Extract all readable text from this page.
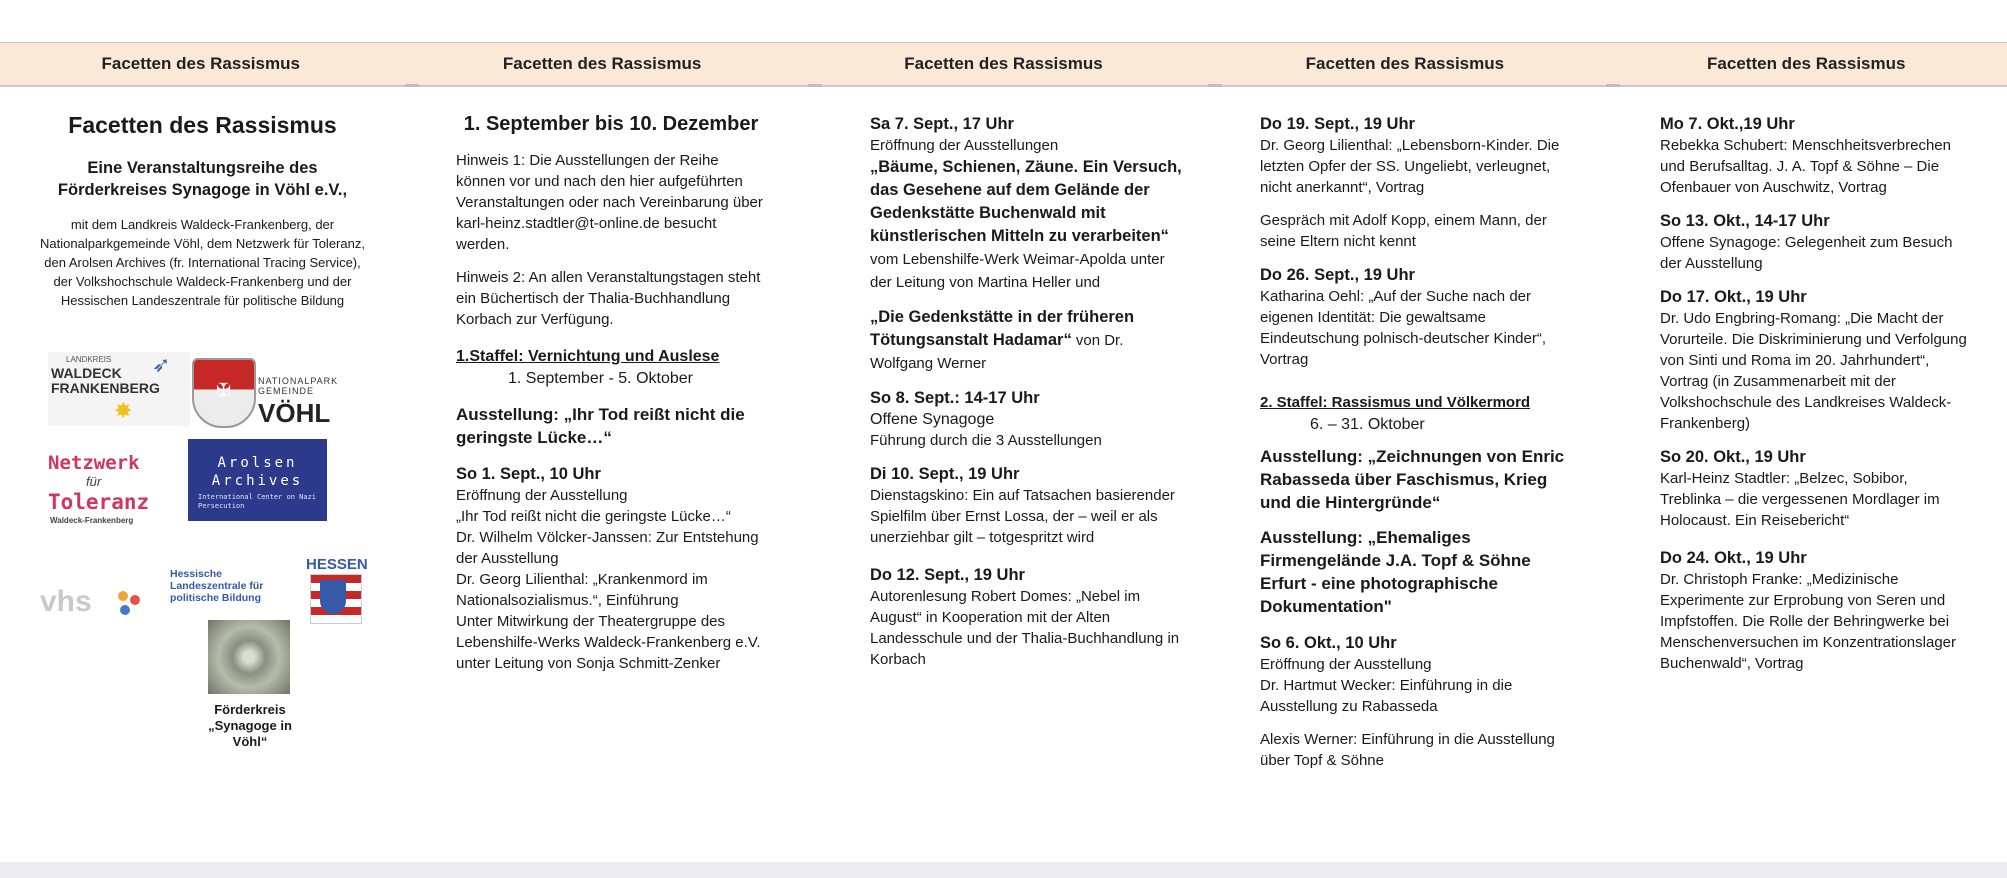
Facetten des Rassismus	Facetten des Rassismus	Facetten des Rassismus	Facetten des Rassismus	Facetten des Rassismus
Facetten des Rassismus
Eine Veranstaltungsreihe des Förderkreises Synagoge in Vöhl e.V.,
mit dem Landkreis Waldeck-Frankenberg, der Nationalparkgemeinde Vöhl, dem Netzwerk für Toleranz, den Arolsen Archives (fr. International Tracing Service), der Volkshochschule Waldeck-Frankenberg und der Hessischen Landeszentrale für politische Bildung
LANDKREIS
WALDECK FRANKENBERG
✸
➶
✠	NATIONALPARK
GEMEINDE
VÖHL
Netzwerk
für
Toleranz
Waldeck-Frankenberg
Arolsen
Archives
International Center on Nazi Persecution
vhs
Hessische Landeszentrale für politische Bildung
HESSEN
Förderkreis „Synagoge in Vöhl“
1. September bis 10. Dezember

Hinweis 1: Die Ausstellungen der Reihe können vor und nach den hier aufgeführten Veranstaltungen oder nach Vereinbarung über karl-heinz.stadtler@t-online.de besucht werden.

Hinweis 2: An allen Veranstaltungstagen steht ein Büchertisch der Thalia-Buchhandlung Korbach zur Verfügung.

1.Staffel: Vernichtung und Auslese
1. September - 5. Oktober
Ausstellung: „Ihr Tod reißt nicht die geringste Lücke…“
So 1. Sept., 10 Uhr

Eröffnung der Ausstellung

„Ihr Tod reißt nicht die geringste Lücke…“

Dr. Wilhelm Völcker-Janssen: Zur Entstehung der Ausstellung

Dr. Georg Lilienthal: „Krankenmord im Nationalsozialismus.“, Einführung

Unter Mitwirkung der Theatergruppe des Lebenshilfe-Werks Waldeck-Frankenberg e.V. unter Leitung von Sonja Schmitt-Zenker

Sa 7. Sept., 17 Uhr

Eröffnung der Ausstellungen

„Bäume, Schienen, Zäune. Ein Versuch, das Gesehene auf dem Gelände der Gedenkstätte Buchenwald mit künstlerischen Mitteln zu verarbeiten“ vom Lebenshilfe-Werk Weimar-Apolda unter der Leitung von Martina Heller und

„Die Gedenkstätte in der früheren Tötungsanstalt Hadamar“ von Dr. Wolfgang Werner

So 8. Sept.: 14-17 Uhr

Offene Synagoge

Führung durch die 3 Ausstellungen

Di 10. Sept., 19 Uhr

Dienstagskino: Ein auf Tatsachen basierender Spielfilm über Ernst Lossa, der – weil er als unerziehbar gilt – totgespritzt wird

Do 12. Sept., 19 Uhr

Autorenlesung Robert Domes: „Nebel im August“ in Kooperation mit der Alten Landesschule und der Thalia-Buchhandlung in Korbach

Do 19. Sept., 19 Uhr

Dr. Georg Lilienthal: „Lebensborn-Kinder. Die letzten Opfer der SS. Ungeliebt, verleugnet, nicht anerkannt“, Vortrag

Gespräch mit Adolf Kopp, einem Mann, der seine Eltern nicht kennt

Do 26. Sept., 19 Uhr

Katharina Oehl: „Auf der Suche nach der eigenen Identität: Die gewaltsame Eindeutschung polnisch-deutscher Kinder“, Vortrag

2. Staffel: Rassismus und Völkermord
6. – 31. Oktober
Ausstellung: „Zeichnungen von Enric Rabasseda über Faschismus, Krieg und die Hintergründe“
Ausstellung: „Ehemaliges Firmengelände J.A. Topf & Söhne Erfurt - eine photographische Dokumentation"
So 6. Okt., 10 Uhr

Eröffnung der Ausstellung

Dr. Hartmut Wecker: Einführung in die Ausstellung zu Rabasseda

Alexis Werner: Einführung in die Ausstellung über Topf & Söhne

Mo 7. Okt.,19 Uhr

Rebekka Schubert: Menschheitsverbrechen und Berufsalltag. J. A. Topf & Söhne – Die Ofenbauer von Auschwitz, Vortrag

So 13. Okt., 14-17 Uhr

Offene Synagoge: Gelegenheit zum Besuch der Ausstellung

Do 17. Okt., 19 Uhr

Dr. Udo Engbring-Romang: „Die Macht der Vorurteile. Die Diskriminierung und Verfolgung von Sinti und Roma im 20. Jahrhundert“, Vortrag (in Zusammenarbeit mit der Volkshochschule des Landkreises Waldeck-Frankenberg)

So 20. Okt., 19 Uhr

Karl-Heinz Stadtler: „Belzec, Sobibor, Treblinka – die vergessenen Mordlager im Holocaust. Ein Reisebericht“

Do 24. Okt., 19 Uhr

Dr. Christoph Franke: „Medizinische Experimente zur Erprobung von Seren und Impfstoffen. Die Rolle der Behringwerke bei Menschenversuchen im Konzentrationslager Buchenwald“, Vortrag
